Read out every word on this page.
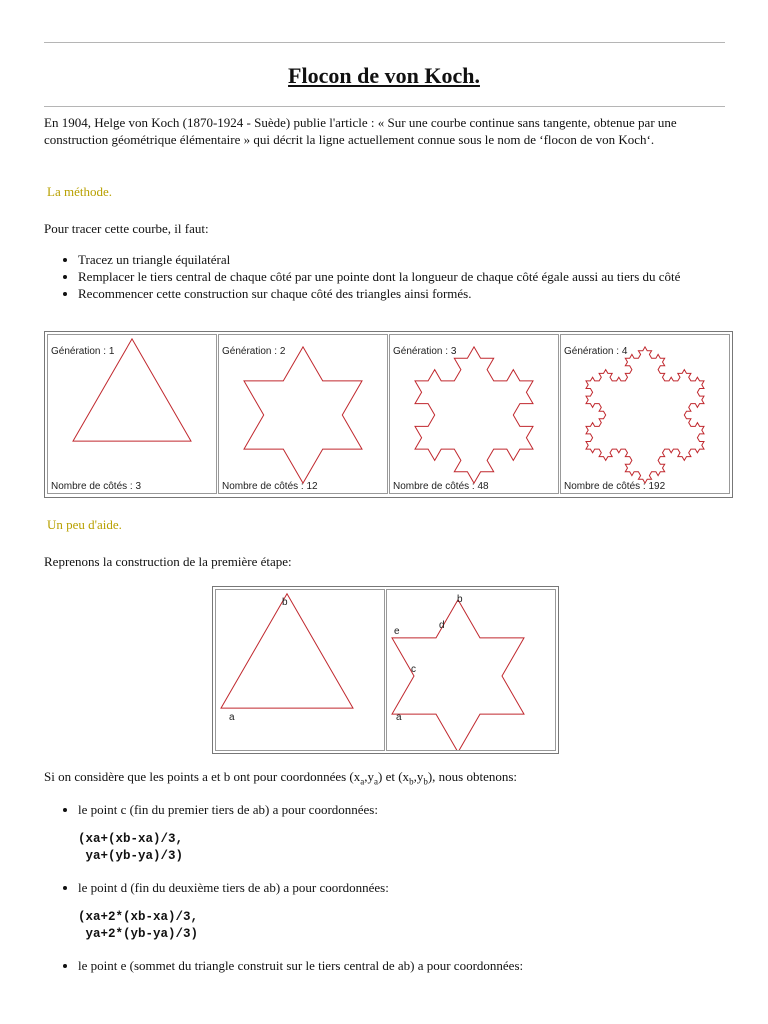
Flocon de von Koch.

En 1904, Helge von Koch (1870-1924 - Suède) publie l'article : « Sur une courbe continue sans tangente, obtenue par une construction géométrique élémentaire » qui décrit la ligne actuellement connue sous le nom de ‘flocon de von Koch‘.

La méthode.

Pour tracer cette courbe, il faut:

• Tracez un triangle équilatéral
• Remplacer le tiers central de chaque côté par une pointe dont la longueur de chaque côté égale aussi au tiers du côté
• Recommencer cette construction sur chaque côté des triangles ainsi formés.
Génération : 1
Nombre de côtés : 3
Génération : 2
Nombre de côtés : 12
Génération : 3
Nombre de côtés : 48
Génération : 4
Nombre de côtés : 192

Un peu d'aide.

Reprenons la construction de la première étape:

b
a
b
d
e
c
a

Si on considère que les points a et b ont pour coordonnées $(x_a,y_a)$ et $(x_b,y_b)$, nous obtenons:

• le point c (fin du premier tiers de ab) a pour coordonnées:
(xa+(xb-xa)/3,
ya+(yb-ya)/3)
• le point d (fin du deuxième tiers de ab) a pour coordonnées:
(xa+2*(xb-xa)/3,
ya+2*(yb-ya)/3)
• le point e (sommet du triangle construit sur le tiers central de ab) a pour coordonnées:
